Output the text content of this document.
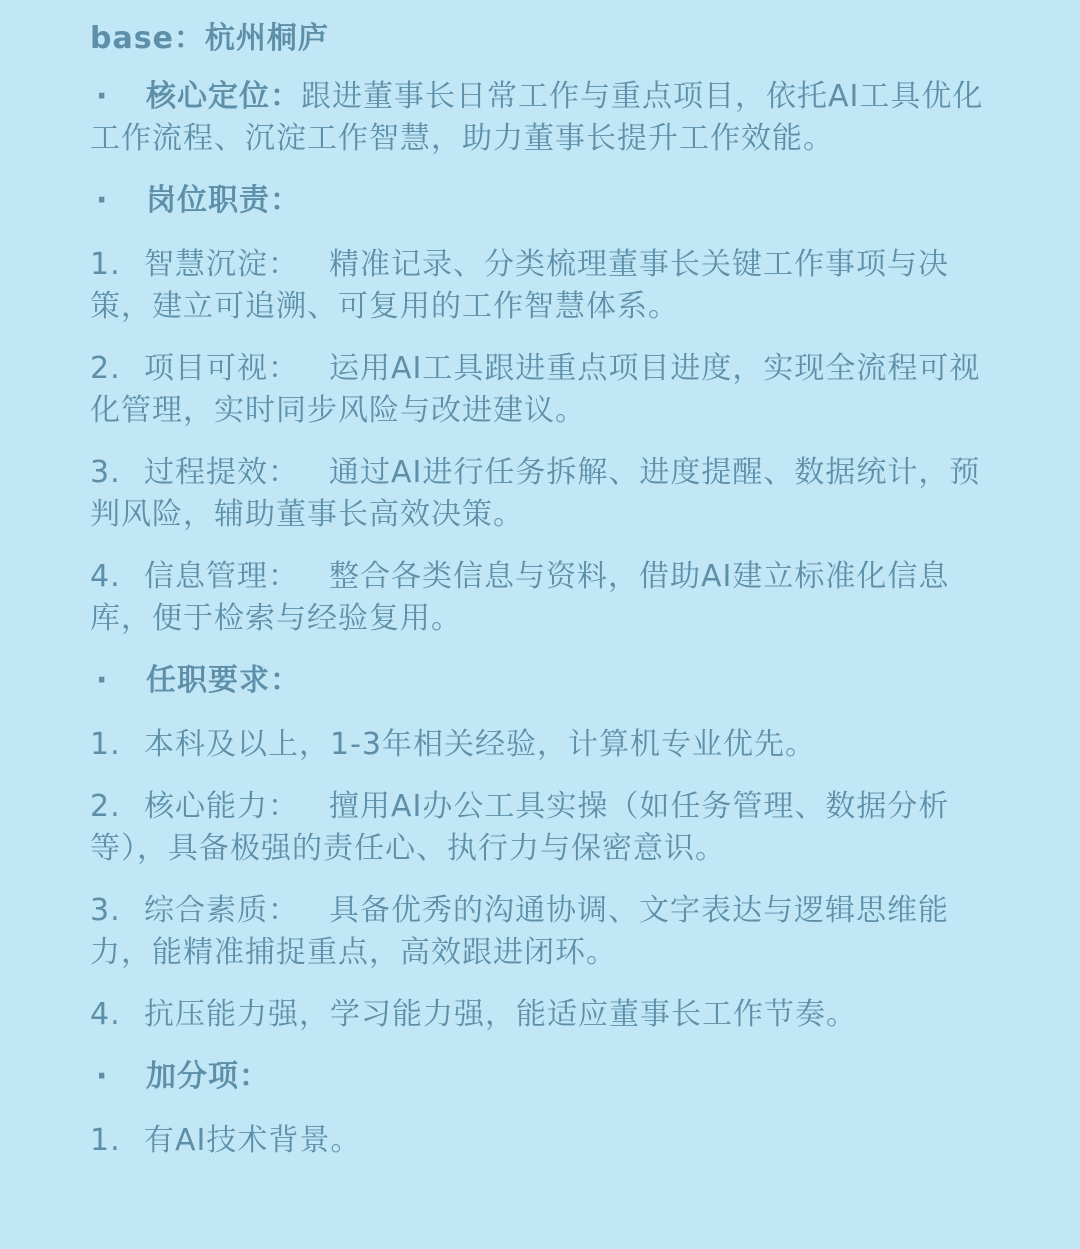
base：杭州桐庐
· 核心定位：跟进董事长日常工作与重点项目，依托AI工具优化工作流程、沉淀工作智慧，助力董事长提升工作效能。
·	岗位职责：
1. 智慧沉淀： 精准记录、分类梳理董事长关键工作事项与决策，建立可追溯、可复用的工作智慧体系。
2. 项目可视： 运用AI工具跟进重点项目进度，实现全流程可视化管理，实时同步风险与改进建议。
3. 过程提效： 通过AI进行任务拆解、进度提醒、数据统计，预判风险，辅助董事长高效决策。
4. 信息管理： 整合各类信息与资料，借助AI建立标准化信息库，便于检索与经验复用。
·	任职要求：
1. 本科及以上，1-3年相关经验，计算机专业优先。
2. 核心能力： 擅用AI办公工具实操（如任务管理、数据分析等），具备极强的责任心、执行力与保密意识。
3. 综合素质： 具备优秀的沟通协调、文字表达与逻辑思维能力，能精准捕捉重点，高效跟进闭环。
4. 抗压能力强，学习能力强，能适应董事长工作节奏。
·	加分项：
1. 有AI技术背景。
